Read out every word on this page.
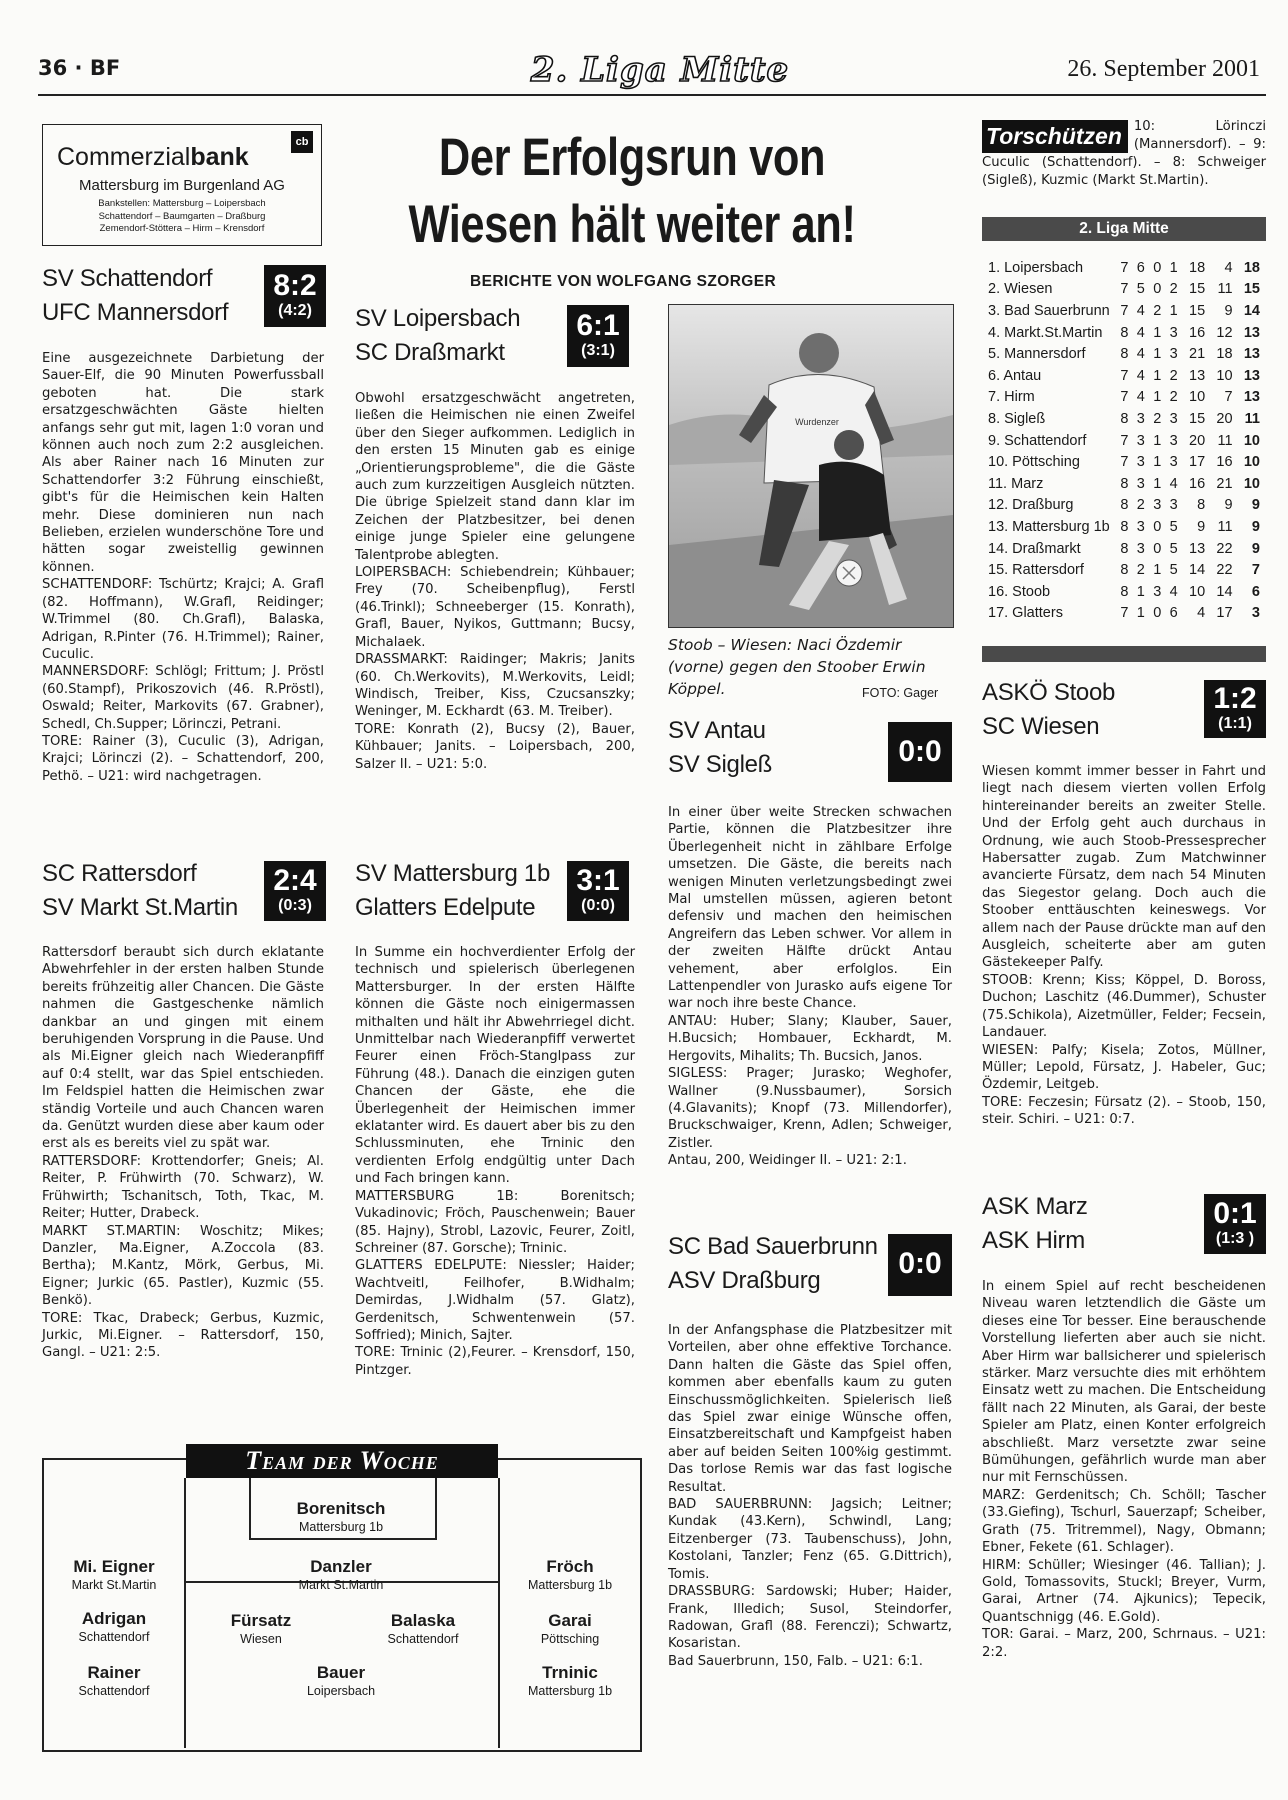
36 · BF	2. Liga Mitte	26. September 2001
cb
Commerzialbank
Mattersburg im Burgenland AG
Bankstellen: Mattersburg – Loipersbach
Schattendorf – Baumgarten – Draßburg
Zemendorf-Stöttera – Hirm – Krensdorf
Der Erfolgsrun von
Wiesen hält weiter an!
BERICHTE VON WOLFGANG SZORGER

SV Schattendorf

UFC Mannersdorf

8:2
(4:2)

Eine ausgezeichnete Darbietung der Sauer-Elf, die 90 Minuten Powerfussball geboten hat. Die stark ersatzgeschwächten Gäste hielten anfangs sehr gut mit, lagen 1:0 voran und können auch noch zum 2:2 ausgleichen. Als aber Rainer nach 16 Minuten zur Schattendorfer 3:2 Führung einschießt, gibt's für die Heimischen kein Halten mehr. Diese dominieren nun nach Belieben, erzielen wunderschöne Tore und hätten sogar zweistellig gewinnen können.
SCHATTENDORF: Tschürtz; Krajci; A. Grafl (82. Hoffmann), W.Grafl, Reidinger; W.Trimmel (80. Ch.Grafl), Balaska, Adrigan, R.Pinter (76. H.Trimmel); Rainer, Cuculic.
MANNERSDORF: Schlögl; Frittum; J. Pröstl (60.Stampf), Prikoszovich (46. R.Pröstl), Oswald; Reiter, Markovits (67. Grabner), Schedl, Ch.Supper; Lörinczi, Petrani.
TORE: Rainer (3), Cuculic (3), Adrigan, Krajci; Lörinczi (2). – Schattendorf, 200, Pethö. – U21: wird nachgetragen.

SC Rattersdorf

SV Markt St.Martin

2:4
(0:3)

Rattersdorf beraubt sich durch eklatante Abwehrfehler in der ersten halben Stunde bereits frühzeitig aller Chancen. Die Gäste nahmen die Gastgeschenke nämlich dankbar an und gingen mit einem beruhigenden Vorsprung in die Pause. Und als Mi.Eigner gleich nach Wiederanpfiff auf 0:4 stellt, war das Spiel entschieden. Im Feldspiel hatten die Heimischen zwar ständig Vorteile und auch Chancen waren da. Genützt wurden diese aber kaum oder erst als es bereits viel zu spät war.
RATTERSDORF: Krottendorfer; Gneis; Al. Reiter, P. Frühwirth (70. Schwarz), W. Frühwirth; Tschanitsch, Toth, Tkac, M. Reiter; Hutter, Drabeck.
MARKT ST.MARTIN: Woschitz; Mikes; Danzler, Ma.Eigner, A.Zoccola (83. Bertha); M.Kantz, Mörk, Gerbus, Mi. Eigner; Jurkic (65. Pastler), Kuzmic (55. Benkö).
TORE: Tkac, Drabeck; Gerbus, Kuzmic, Jurkic, Mi.Eigner. – Rattersdorf, 150, Gangl. – U21: 2:5.

SV Loipersbach

SC Draßmarkt

6:1
(3:1)

Obwohl ersatzgeschwächt angetreten, ließen die Heimischen nie einen Zweifel über den Sieger aufkommen. Lediglich in den ersten 15 Minuten gab es einige „Orientierungsprobleme", die die Gäste auch zum kurzzeitigen Ausgleich nützten. Die übrige Spielzeit stand dann klar im Zeichen der Platzbesitzer, bei denen einige junge Spieler eine gelungene Talentprobe ablegten.
LOIPERSBACH: Schiebendrein; Kühbauer; Frey (70. Scheibenpflug), Ferstl (46.Trinkl); Schneeberger (15. Konrath), Grafl, Bauer, Nyikos, Guttmann; Bucsy, Michalaek.
DRASSMARKT: Raidinger; Makris; Janits (60. Ch.Werkovits), M.Werkovits, Leidl; Windisch, Treiber, Kiss, Czucsanszky; Weninger, M. Eckhardt (63. M. Treiber).
TORE: Konrath (2), Bucsy (2), Bauer, Kühbauer; Janits. – Loipersbach, 200, Salzer II. – U21: 5:0.

SV Mattersburg 1b

Glatters Edelpute

3:1
(0:0)

In Summe ein hochverdienter Erfolg der technisch und spielerisch überlegenen Mattersburger. In der ersten Hälfte können die Gäste noch einigermassen mithalten und hält ihr Abwehrriegel dicht. Unmittelbar nach Wiederanpfiff verwertet Feurer einen Fröch-Stanglpass zur Führung (48.). Danach die einzigen guten Chancen der Gäste, ehe die Überlegenheit der Heimischen immer eklatanter wird. Es dauert aber bis zu den Schlussminuten, ehe Trninic den verdienten Erfolg endgültig unter Dach und Fach bringen kann.
MATTERSBURG 1B: Borenitsch; Vukadinovic; Fröch, Pauschenwein; Bauer (85. Hajny), Strobl, Lazovic, Feurer, Zoitl, Schreiner (87. Gorsche); Trninic.
GLATTERS EDELPUTE: Niessler; Haider; Wachtveitl, Feilhofer, B.Widhalm; Demirdas, J.Widhalm (57. Glatz), Gerdenitsch, Schwentenwein (57. Soffried); Minich, Sajter.
TORE: Trninic (2),Feurer. – Krensdorf, 150, Pintzger.

Wurdenzer

Stoob – Wiesen: Naci Özdemir (vorne) gegen den Stoober Erwin Köppel.	FOTO: Gager

SV Antau

SV Sigleß	0:0

In einer über weite Strecken schwachen Partie, können die Platzbesitzer ihre Überlegenheit nicht in zählbare Erfolge umsetzen. Die Gäste, die bereits nach wenigen Minuten verletzungsbedingt zwei Mal umstellen müssen, agieren betont defensiv und machen den heimischen Angreifern das Leben schwer. Vor allem in der zweiten Hälfte drückt Antau vehement, aber erfolglos. Ein Lattenpendler von Jurasko aufs eigene Tor war noch ihre beste Chance.
ANTAU: Huber; Slany; Klauber, Sauer, H.Bucsich; Hombauer, Eckhardt, M. Hergovits, Mihalits; Th. Bucsich, Janos.
SIGLESS: Prager; Jurasko; Weghofer, Wallner (9.Nussbaumer), Sorsich (4.Glavanits); Knopf (73. Millendorfer), Bruckschwaiger, Krenn, Adlen; Schweiger, Zistler.
Antau, 200, Weidinger II. – U21: 2:1.

SC Bad Sauerbrunn

ASV Draßburg

0:0

In der Anfangsphase die Platzbesitzer mit Vorteilen, aber ohne effektive Torchance. Dann halten die Gäste das Spiel offen, kommen aber ebenfalls kaum zu guten Einschussmöglichkeiten. Spielerisch ließ das Spiel zwar einige Wünsche offen, Einsatzbereitschaft und Kampfgeist haben aber auf beiden Seiten 100%ig gestimmt. Das torlose Remis war das fast logische Resultat.
BAD SAUERBRUNN: Jagsich; Leitner; Kundak (43.Kern), Schwindl, Lang; Eitzenberger (73. Taubenschuss), John, Kostolani, Tanzler; Fenz (65. G.Dittrich), Tomis.
DRASSBURG: Sardowski; Huber; Haider, Frank, Illedich; Susol, Steindorfer, Radowan, Grafl (88. Ferenczi); Schwartz, Kosaristan.
Bad Sauerbrunn, 150, Falb. – U21: 6:1.

Torschützen 10: Lörinczi (Mannersdorf). – 9: Cuculic (Schattendorf). – 8: Schweiger (Sigleß), Kuzmic (Markt St.Martin).

2. Liga Mitte
1. Loipersbach	7	6	0	1	18	4	18
2. Wiesen	7	5	0	2	15	11	15
3. Bad Sauerbrunn	7	4	2	1	15	9	14
4. Markt.St.Martin	8	4	1	3	16	12	13
5. Mannersdorf	8	4	1	3	21	18	13
6. Antau	7	4	1	2	13	10	13
7. Hirm	7	4	1	2	10	7	13
8. Sigleß	8	3	2	3	15	20	11
9. Schattendorf	7	3	1	3	20	11	10
10. Pöttsching	7	3	1	3	17	16	10
11. Marz	8	3	1	4	16	21	10
12. Draßburg	8	2	3	3	8	9	9
13. Mattersburg 1b	8	3	0	5	9	11	9
14. Draßmarkt	8	3	0	5	13	22	9
15. Rattersdorf	8	2	1	5	14	22	7
16. Stoob	8	1	3	4	10	14	6
17. Glatters	7	1	0	6	4	17	3

ASKÖ Stoob

SC Wiesen

1:2
(1:1)

Wiesen kommt immer besser in Fahrt und liegt nach diesem vierten vollen Erfolg hintereinander bereits an zweiter Stelle. Und der Erfolg geht auch durchaus in Ordnung, wie auch Stoob-Pressesprecher Habersatter zugab. Zum Matchwinner avancierte Fürsatz, dem nach 54 Minuten das Siegestor gelang. Doch auch die Stoober enttäuschten keineswegs. Vor allem nach der Pause drückte man auf den Ausgleich, scheiterte aber am guten Gästekeeper Palfy.
STOOB: Krenn; Kiss; Köppel, D. Boross, Duchon; Laschitz (46.Dummer), Schuster (75.Schikola), Aizetmüller, Felder; Fecsein, Landauer.
WIESEN: Palfy; Kisela; Zotos, Müllner, Müller; Lepold, Fürsatz, J. Habeler, Guc; Özdemir, Leitgeb.
TORE: Feczesin; Fürsatz (2). – Stoob, 150, steir. Schiri. – U21: 0:7.

ASK Marz

ASK Hirm

0:1
(1:3 )

In einem Spiel auf recht bescheidenen Niveau waren letztendlich die Gäste um dieses eine Tor besser. Eine berauschende Vorstellung lieferten aber auch sie nicht. Aber Hirm war ballsicherer und spielerisch stärker. Marz versuchte dies mit erhöhtem Einsatz wett zu machen. Die Entscheidung fällt nach 22 Minuten, als Garai, der beste Spieler am Platz, einen Konter erfolgreich abschließt. Marz versetzte zwar seine Bümühungen, gefährlich wurde man aber nur mit Fernschüssen.
MARZ: Gerdenitsch; Ch. Schöll; Tascher (33.Giefing), Tschurl, Sauerzapf; Scheiber, Grath (75. Tritremmel), Nagy, Obmann; Ebner, Fekete (61. Schlager).
HIRM: Schüller; Wiesinger (46. Tallian); J. Gold, Tomassovits, Stuckl; Breyer, Vurm, Garai, Artner (74. Ajkunics); Tepecik, Quantschnigg (46. E.Gold).
TOR: Garai. – Marz, 200, Schrnaus. – U21: 2:2.

Team der Woche
Borenitsch
Mattersburg 1b
Mi. Eigner
Markt St.Martin
Danzler
Markt St.Martin
Fröch
Mattersburg 1b
Adrigan
Schattendorf
Fürsatz
Wiesen
Balaska
Schattendorf
Garai
Pöttsching
Rainer
Schattendorf
Bauer
Loipersbach
Trninic
Mattersburg 1b
